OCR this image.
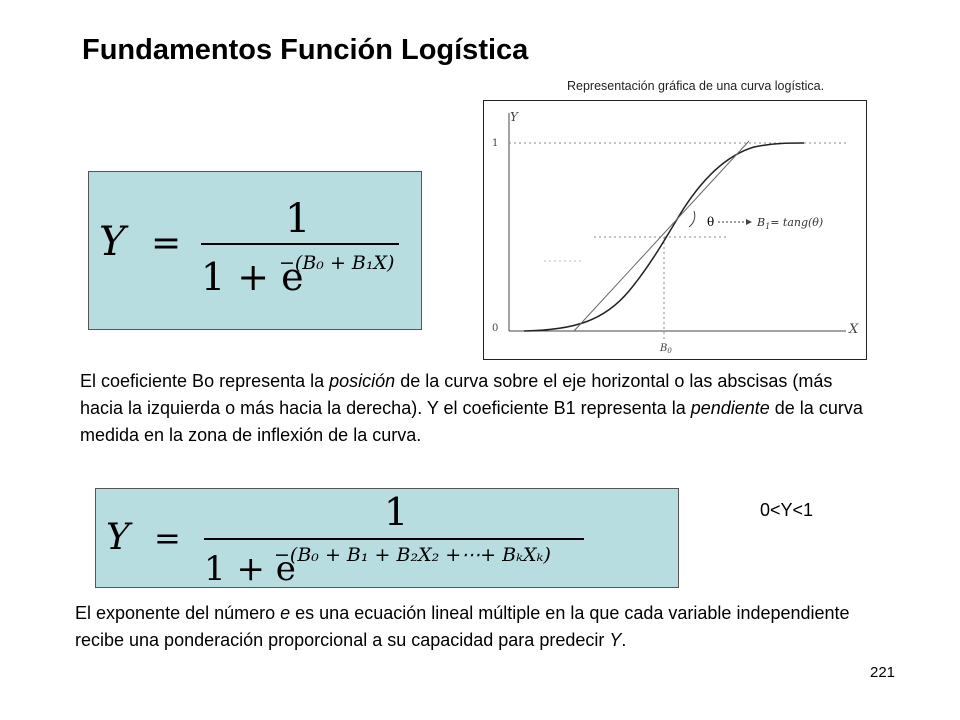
Fundamentos Función Logística
Y =
1
1 + e
−(B₀ + B₁X)
Representación gráfica de una curva logística.
θ	$B_1= \tan g(\theta)$
Y
X
1
0
$B_0$
El coeficiente Bo representa la posición de la curva sobre el eje horizontal o las abscisas (más hacia la izquierda o más hacia la derecha). Y el coeficiente B1 representa la pendiente de la curva medida en la zona de inflexión de la curva.
Y =
1
1 + e
−(B₀ + B₁ + B₂X₂ +⋯+ BₖXₖ)
0<Y<1
El exponente del número e es una ecuación lineal múltiple en la que cada variable independiente recibe una ponderación proporcional a su capacidad para predecir Y.
221
